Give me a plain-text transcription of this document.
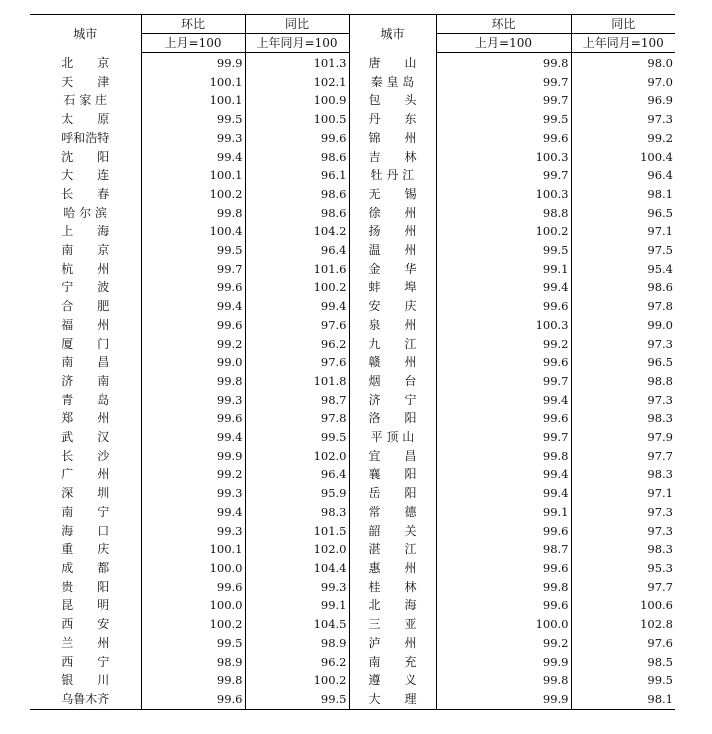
城市	环比	同比	城市	环比	同比
	上月=100	上年同月=100		上月=100	上年同月=100
北　　京	99.9	101.3	唐　　山	99.8	98.0
天　　津	100.1	102.1	秦 皇 岛	99.7	97.0
石 家 庄	100.1	100.9	包　　头	99.7	96.9
太　　原	99.5	100.5	丹　　东	99.5	97.3
呼和浩特	99.3	99.6	锦　　州	99.6	99.2
沈　　阳	99.4	98.6	吉　　林	100.3	100.4
大　　连	100.1	96.1	牡 丹 江	99.7	96.4
长　　春	100.2	98.6	无　　锡	100.3	98.1
哈 尔 滨	99.8	98.6	徐　　州	98.8	96.5
上　　海	100.4	104.2	扬　　州	100.2	97.1
南　　京	99.5	96.4	温　　州	99.5	97.5
杭　　州	99.7	101.6	金　　华	99.1	95.4
宁　　波	99.6	100.2	蚌　　埠	99.4	98.6
合　　肥	99.4	99.4	安　　庆	99.6	97.8
福　　州	99.6	97.6	泉　　州	100.3	99.0
厦　　门	99.2	96.2	九　　江	99.2	97.3
南　　昌	99.0	97.6	赣　　州	99.6	96.5
济　　南	99.8	101.8	烟　　台	99.7	98.8
青　　岛	99.3	98.7	济　　宁	99.4	97.3
郑　　州	99.6	97.8	洛　　阳	99.6	98.3
武　　汉	99.4	99.5	平 顶 山	99.7	97.9
长　　沙	99.9	102.0	宜　　昌	99.8	97.7
广　　州	99.2	96.4	襄　　阳	99.4	98.3
深　　圳	99.3	95.9	岳　　阳	99.4	97.1
南　　宁	99.4	98.3	常　　德	99.1	97.3
海　　口	99.3	101.5	韶　　关	99.6	97.3
重　　庆	100.1	102.0	湛　　江	98.7	98.3
成　　都	100.0	104.4	惠　　州	99.6	95.3
贵　　阳	99.6	99.3	桂　　林	99.8	97.7
昆　　明	100.0	99.1	北　　海	99.6	100.6
西　　安	100.2	104.5	三　　亚	100.0	102.8
兰　　州	99.5	98.9	泸　　州	99.2	97.6
西　　宁	98.9	96.2	南　　充	99.9	98.5
银　　川	99.8	100.2	遵　　义	99.8	99.5
乌鲁木齐	99.6	99.5	大　　理	99.9	98.1
